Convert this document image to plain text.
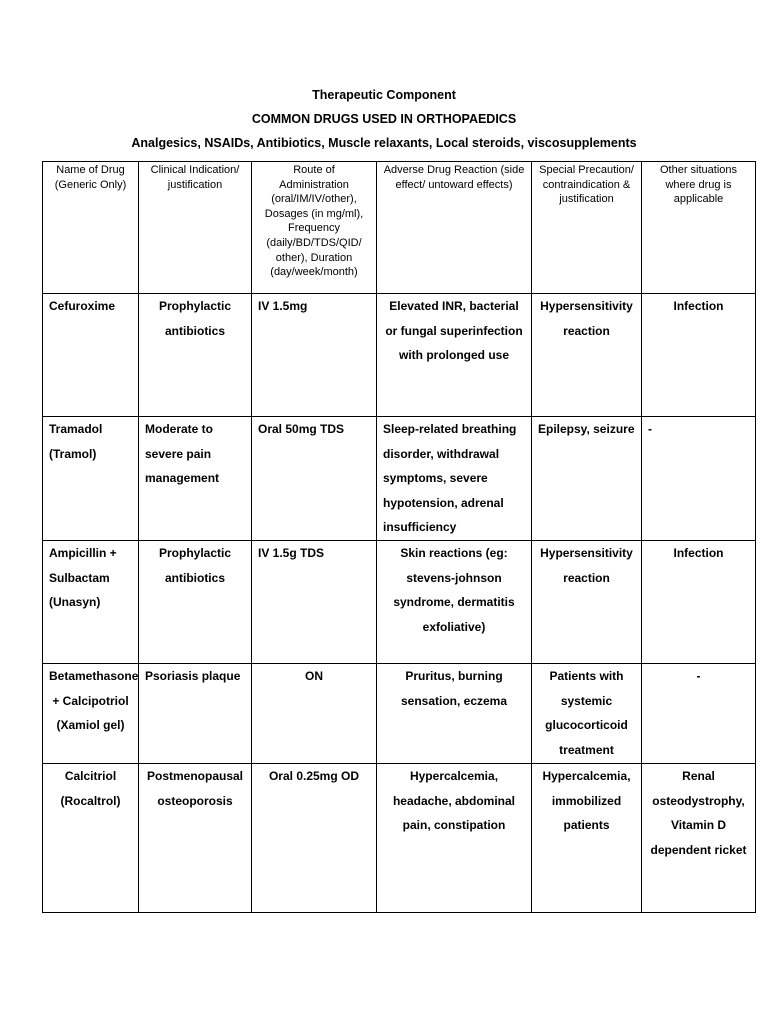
Therapeutic Component
COMMON DRUGS USED IN ORTHOPAEDICS
Analgesics, NSAIDs, Antibiotics, Muscle relaxants, Local steroids, viscosupplements
Name of Drug (Generic Only)	Clinical Indication/ justification	Route of Administration (oral/IM/IV/other), Dosages (in mg/ml), Frequency (daily/BD/TDS/QID/ other), Duration (day/week/month)	Adverse Drug Reaction (side effect/ untoward effects)	Special Precaution/ contraindication & justification	Other situations where drug is applicable
Cefuroxime	Prophylactic antibiotics	IV 1.5mg	Elevated INR, bacterial or fungal superinfection with prolonged use	Hypersensitivity reaction	Infection
Tramadol (Tramol)	Moderate to severe pain management	Oral 50mg TDS	Sleep-related breathing disorder, withdrawal symptoms, severe hypotension, adrenal insufficiency	Epilepsy, seizure	-
Ampicillin + Sulbactam (Unasyn)	Prophylactic antibiotics	IV 1.5g TDS	Skin reactions (eg: stevens-johnson syndrome, dermatitis exfoliative)	Hypersensitivity reaction	Infection
Betamethasone + Calcipotriol (Xamiol gel)	Psoriasis plaque	ON	Pruritus, burning sensation, eczema	Patients with systemic glucocorticoid treatment	-
Calcitriol (Rocaltrol)	Postmenopausal osteoporosis	Oral 0.25mg OD	Hypercalcemia, headache, abdominal pain, constipation	Hypercalcemia, immobilized patients	Renal osteodystrophy, Vitamin D dependent ricket
